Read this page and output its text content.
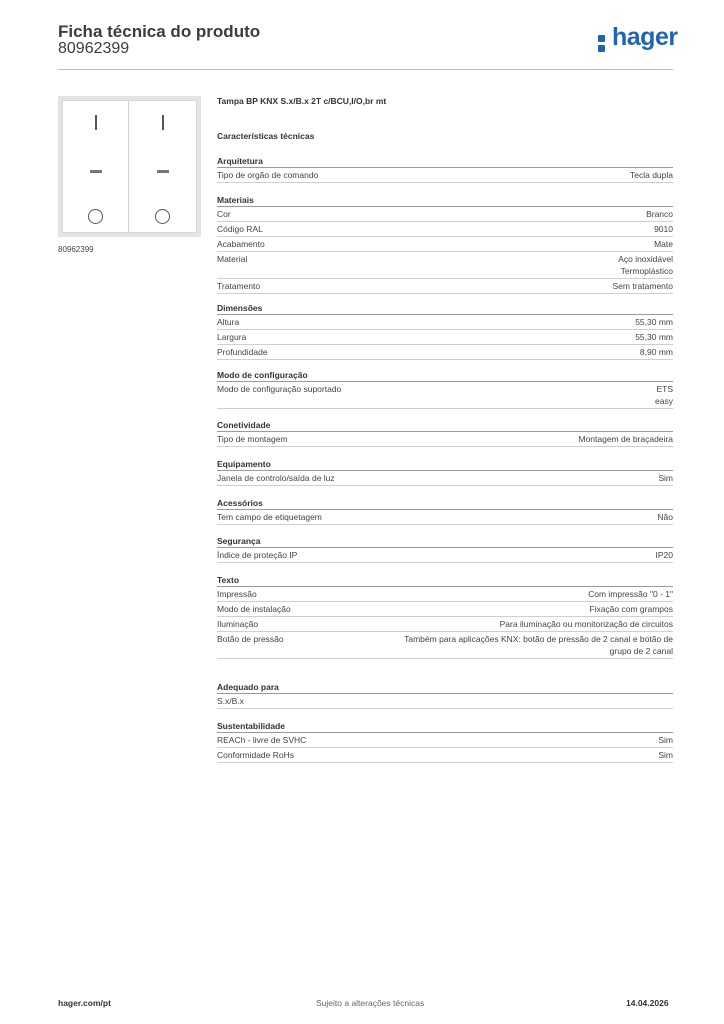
Ficha técnica do produto
80962399	hager
80962399
Tampa BP KNX S.x/B.x 2T c/BCU,I/O,br mt
Características técnicas
Arquitetura
Tipo de orgão de comando	Tecla dupla
Materiais
Cor	Branco
Código RAL	9010
Acabamento	Mate
Material	Aço inoxidável
Termoplástico
Tratamento	Sem tratamento
Dimensões
Altura	55,30 mm
Largura	55,30 mm
Profundidade	8,90 mm
Modo de configuração
Modo de configuração suportado	ETS
easy
Conetividade
Tipo de montagem	Montagem de braçadeira
Equipamento
Janela de controlo/saída de luz	Sim
Acessórios
Tem campo de etiquetagem	Não
Segurança
Índice de proteção IP	IP20
Texto
Impressão	Com impressão "0 - 1"
Modo de instalação	Fixação com grampos
Iluminação	Para iluminação ou monitorização de circuitos
Botão de pressão	Também para aplicações KNX: botão de pressão de 2 canal e botão de
grupo de 2 canal
Adequado para
S.x/B.x
Sustentabilidade
REACh - livre de SVHC	Sim
Conformidade RoHs	Sim
hager.com/pt	Sujeito a alterações técnicas	14.04.2026
